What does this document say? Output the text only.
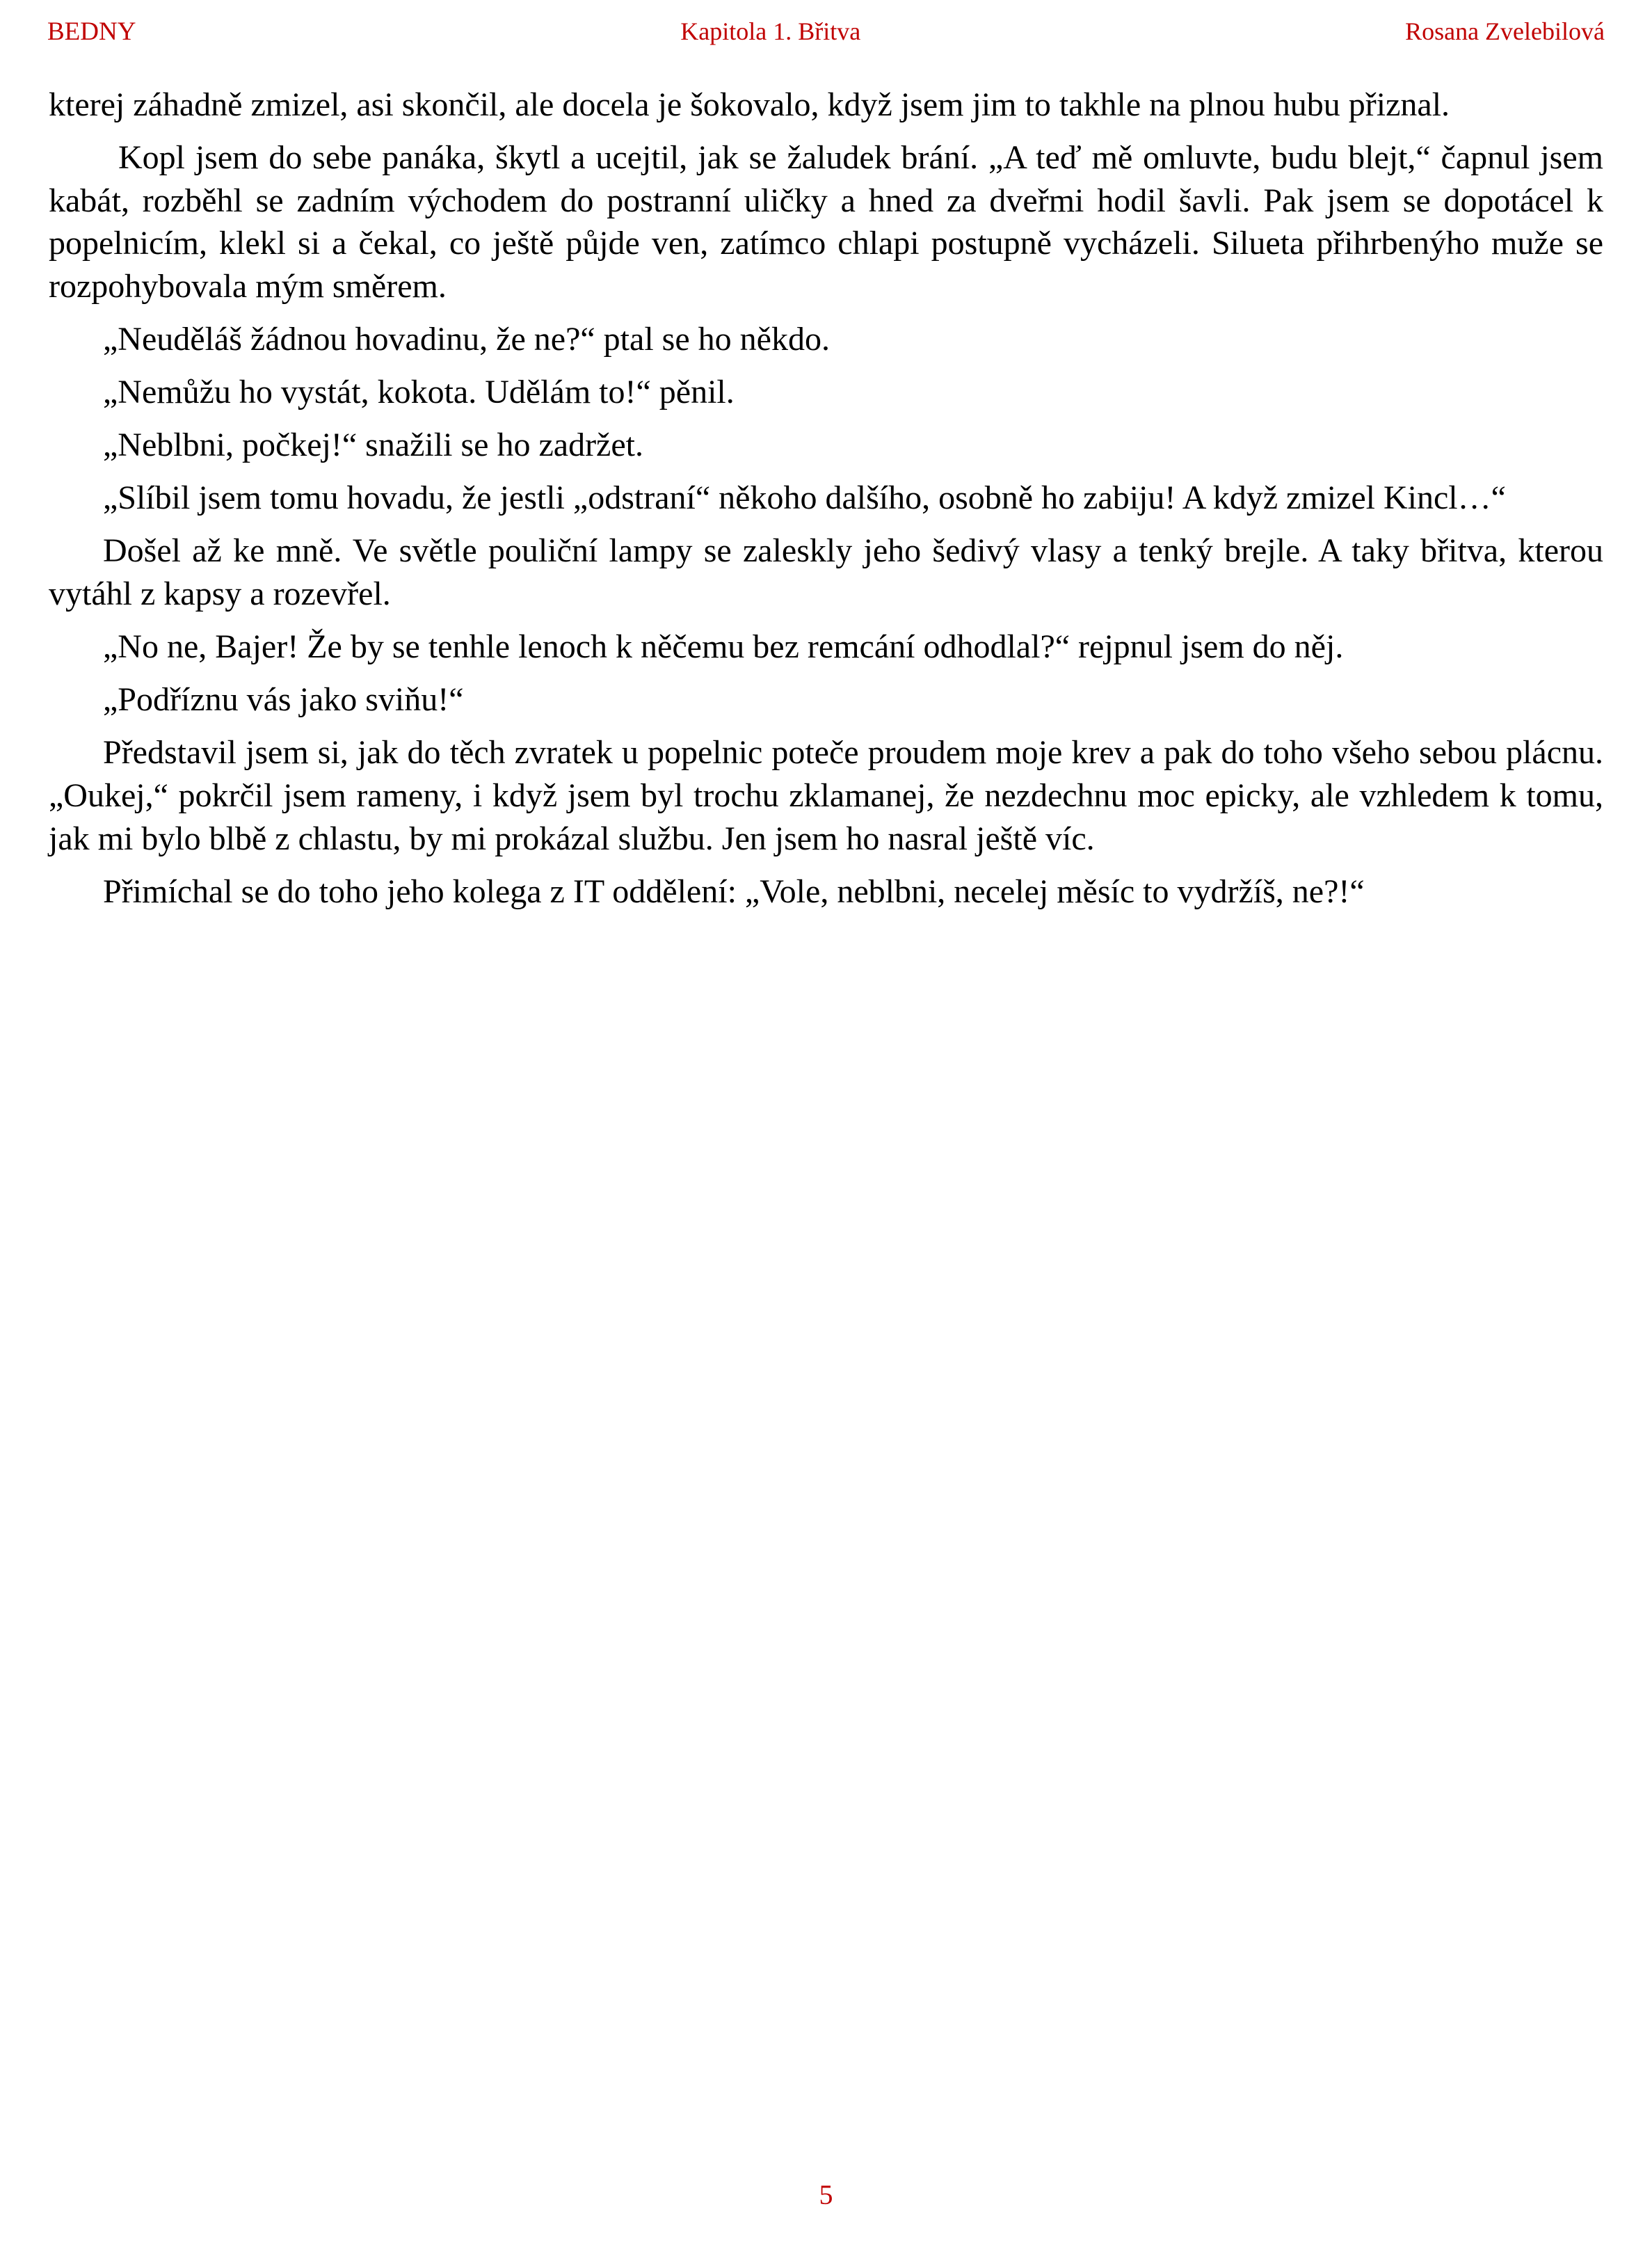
BEDNY	Kapitola 1. Břitva	Rosana Zvelebilová

kterej záhadně zmizel, asi skončil, ale docela je šokovalo, když jsem jim to takhle na plnou hubu přiznal.

Kopl jsem do sebe panáka, škytl a ucejtil, jak se žaludek brání. „A teď mě omluvte, budu blejt,“ čapnul jsem kabát, rozběhl se zadním východem do postranní uličky a hned za dveřmi hodil šavli. Pak jsem se dopotácel k popelnicím, klekl si a čekal, co ještě půjde ven, zatímco chlapi postupně vycházeli. Silueta přihrbenýho muže se rozpohybovala mým směrem.

„Neuděláš žádnou hovadinu, že ne?“ ptal se ho někdo.

„Nemůžu ho vystát, kokota. Udělám to!“ pěnil.

„Neblbni, počkej!“ snažili se ho zadržet.

„Slíbil jsem tomu hovadu, že jestli „odstraní“ někoho dalšího, osobně ho zabiju! A když zmizel Kincl…“

Došel až ke mně. Ve světle pouliční lampy se zaleskly jeho šedivý vlasy a tenký brejle. A taky břitva, kterou vytáhl z kapsy a rozevřel.

„No ne, Bajer! Že by se tenhle lenoch k něčemu bez remcání odhodlal?“ rejpnul jsem do něj.

„Podříznu vás jako sviňu!“

Představil jsem si, jak do těch zvratek u popelnic poteče proudem moje krev a pak do toho všeho sebou plácnu. „Oukej,“ pokrčil jsem rameny, i když jsem byl trochu zklamanej, že nezdechnu moc epicky, ale vzhledem k tomu, jak mi bylo blbě z chlastu, by mi prokázal službu. Jen jsem ho nasral ještě víc.

Přimíchal se do toho jeho kolega z IT oddělení: „Vole, neblbni, necelej měsíc to vydržíš, ne?!“

5
